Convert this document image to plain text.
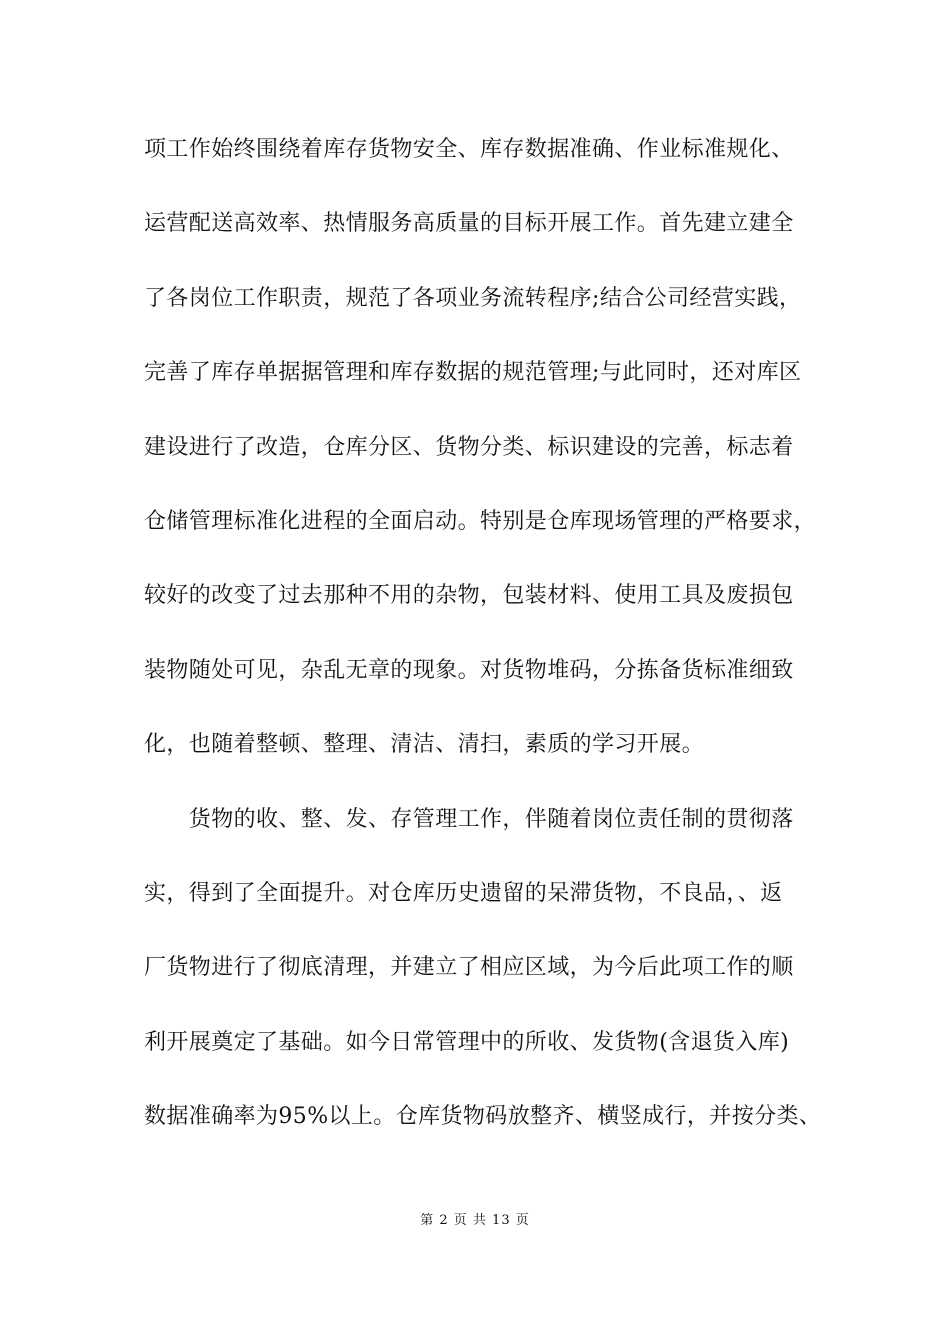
项工作始终围绕着库存货物安全、库存数据准确、作业标准规化、
运营配送高效率、热情服务高质量的目标开展工作。首先建立建全
了各岗位工作职责，规范了各项业务流转程序;结合公司经营实践，
完善了库存单据据管理和库存数据的规范管理;与此同时，还对库区
建设进行了改造，仓库分区、货物分类、标识建设的完善，标志着
仓储管理标准化进程的全面启动。特别是仓库现场管理的严格要求，
较好的改变了过去那种不用的杂物，包装材料、使用工具及废损包
装物随处可见，杂乱无章的现象。对货物堆码，分拣备货标准细致
化，也随着整顿、整理、清洁、清扫，素质的学习开展。
　　货物的收、整、发、存管理工作，伴随着岗位责任制的贯彻落
实，得到了全面提升。对仓库历史遗留的呆滞货物，不良品，、返
厂货物进行了彻底清理，并建立了相应区域，为今后此项工作的顺
利开展奠定了基础。如今日常管理中的所收、发货物(含退货入库)
数据准确率为95%以上。仓库货物码放整齐、横竖成行，并按分类、
第 2 页 共 13 页
